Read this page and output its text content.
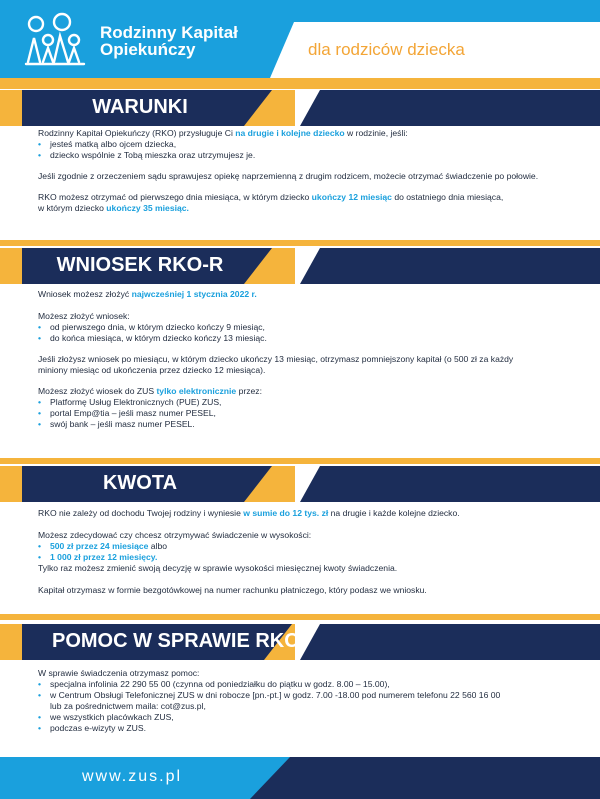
Rodzinny Kapitał
Opiekuńczy	dla rodziców dziecka
WARUNKI

Rodzinny Kapitał Opiekuńczy (RKO) przysługuje Ci na drugie i kolejne dziecko w rodzinie, jeśli:

• jesteś matką albo ojcem dziecka,
• dziecko wspólnie z Tobą mieszka oraz utrzymujesz je.

Jeśli zgodnie z orzeczeniem sądu sprawujesz opiekę naprzemienną z drugim rodzicem, możecie otrzymać świadczenie po połowie.

RKO możesz otrzymać od pierwszego dnia miesiąca, w którym dziecko ukończy 12 miesiąc do ostatniego dnia miesiąca,
w którym dziecko ukończy 35 miesiąc.

WNIOSEK RKO-R

Wniosek możesz złożyć najwcześniej 1 stycznia 2022 r.

Możesz złożyć wniosek:

• od pierwszego dnia, w którym dziecko kończy 9 miesiąc,
• do końca miesiąca, w którym dziecko kończy 13 miesiąc.

Jeśli złożysz wniosek po miesiącu, w którym dziecko ukończy 13 miesiąc, otrzymasz pomniejszony kapitał (o 500 zł za każdy
miniony miesiąc od ukończenia przez dziecko 12 miesiąca).

Możesz złożyć wiosek do ZUS tylko elektronicznie przez:

• Platformę Usług Elektronicznych (PUE) ZUS,
• portal Emp@tia – jeśli masz numer PESEL,
• swój bank – jeśli masz numer PESEL.
KWOTA

RKO nie zależy od dochodu Twojej rodziny i wyniesie w sumie do 12 tys. zł na drugie i każde kolejne dziecko.

Możesz zdecydować czy chcesz otrzymywać świadczenie w wysokości:

• 500 zł przez 24 miesiące albo
• 1 000 zł przez 12 miesięcy.

Tylko raz możesz zmienić swoją decyzję w sprawie wysokości miesięcznej kwoty świadczenia.

Kapitał otrzymasz w formie bezgotówkowej na numer rachunku płatniczego, który podasz we wniosku.

POMOC W SPRAWIE RKO

W sprawie świadczenia otrzymasz pomoc:

• specjalna infolinia 22 290 55 00 (czynna od poniedziałku do piątku w godz. 8.00 – 15.00),
• w Centrum Obsługi Telefonicznej ZUS w dni robocze [pn.-pt.] w godz. 7.00 -18.00 pod numerem telefonu 22 560 16 00
lub za pośrednictwem maila: cot@zus.pl,
• we wszystkich placówkach ZUS,
• podczas e-wizyty w ZUS.
www.zus.pl
